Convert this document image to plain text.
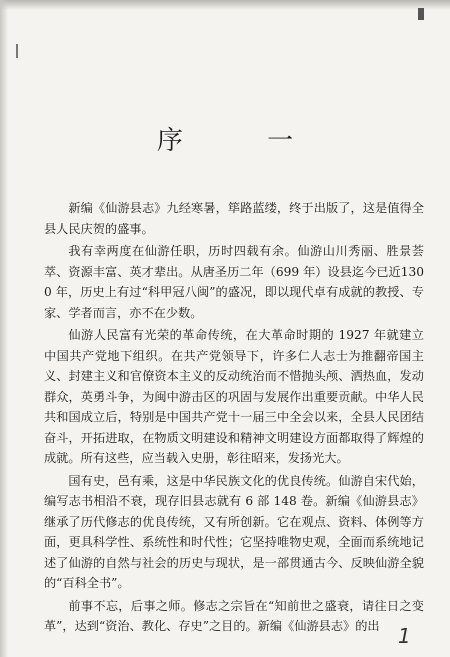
序 一

新编《仙游县志》九经寒暑，筚路蓝缕，终于出版了，这是值得全县人民庆贺的盛事。

我有幸两度在仙游任职，历时四载有余。仙游山川秀丽、胜景荟萃、资源丰富、英才辈出。从唐圣历二年（699 年）设县迄今已近1300 年，历史上有过“科甲冠八闽”的盛况，即以现代卓有成就的教授、专家、学者而言，亦不在少数。

仙游人民富有光荣的革命传统，在大革命时期的 1927 年就建立中国共产党地下组织。在共产党领导下，许多仁人志士为推翻帝国主义、封建主义和官僚资本主义的反动统治而不惜抛头颅、洒热血，发动群众，英勇斗争，为闽中游击区的巩固与发展作出重要贡献。中华人民共和国成立后，特别是中国共产党十一届三中全会以来，全县人民团结奋斗，开拓进取，在物质文明建设和精神文明建设方面都取得了辉煌的成就。所有这些，应当载入史册，彰往昭来，发扬光大。

国有史，邑有乘，这是中华民族文化的优良传统。仙游自宋代始，编写志书相沿不衰，现存旧县志就有 6 部 148 卷。新编《仙游县志》继承了历代修志的优良传统，又有所创新。它在观点、资料、体例等方面，更具科学性、系统性和时代性；它坚持唯物史观，全面而系统地记述了仙游的自然与社会的历史与现状，是一部贯通古今、反映仙游全貌的“百科全书”。

前事不忘，后事之师。修志之宗旨在“知前世之盛衰，请往日之变革”，达到“资治、教化、存史”之目的。新编《仙游县志》的出 1
